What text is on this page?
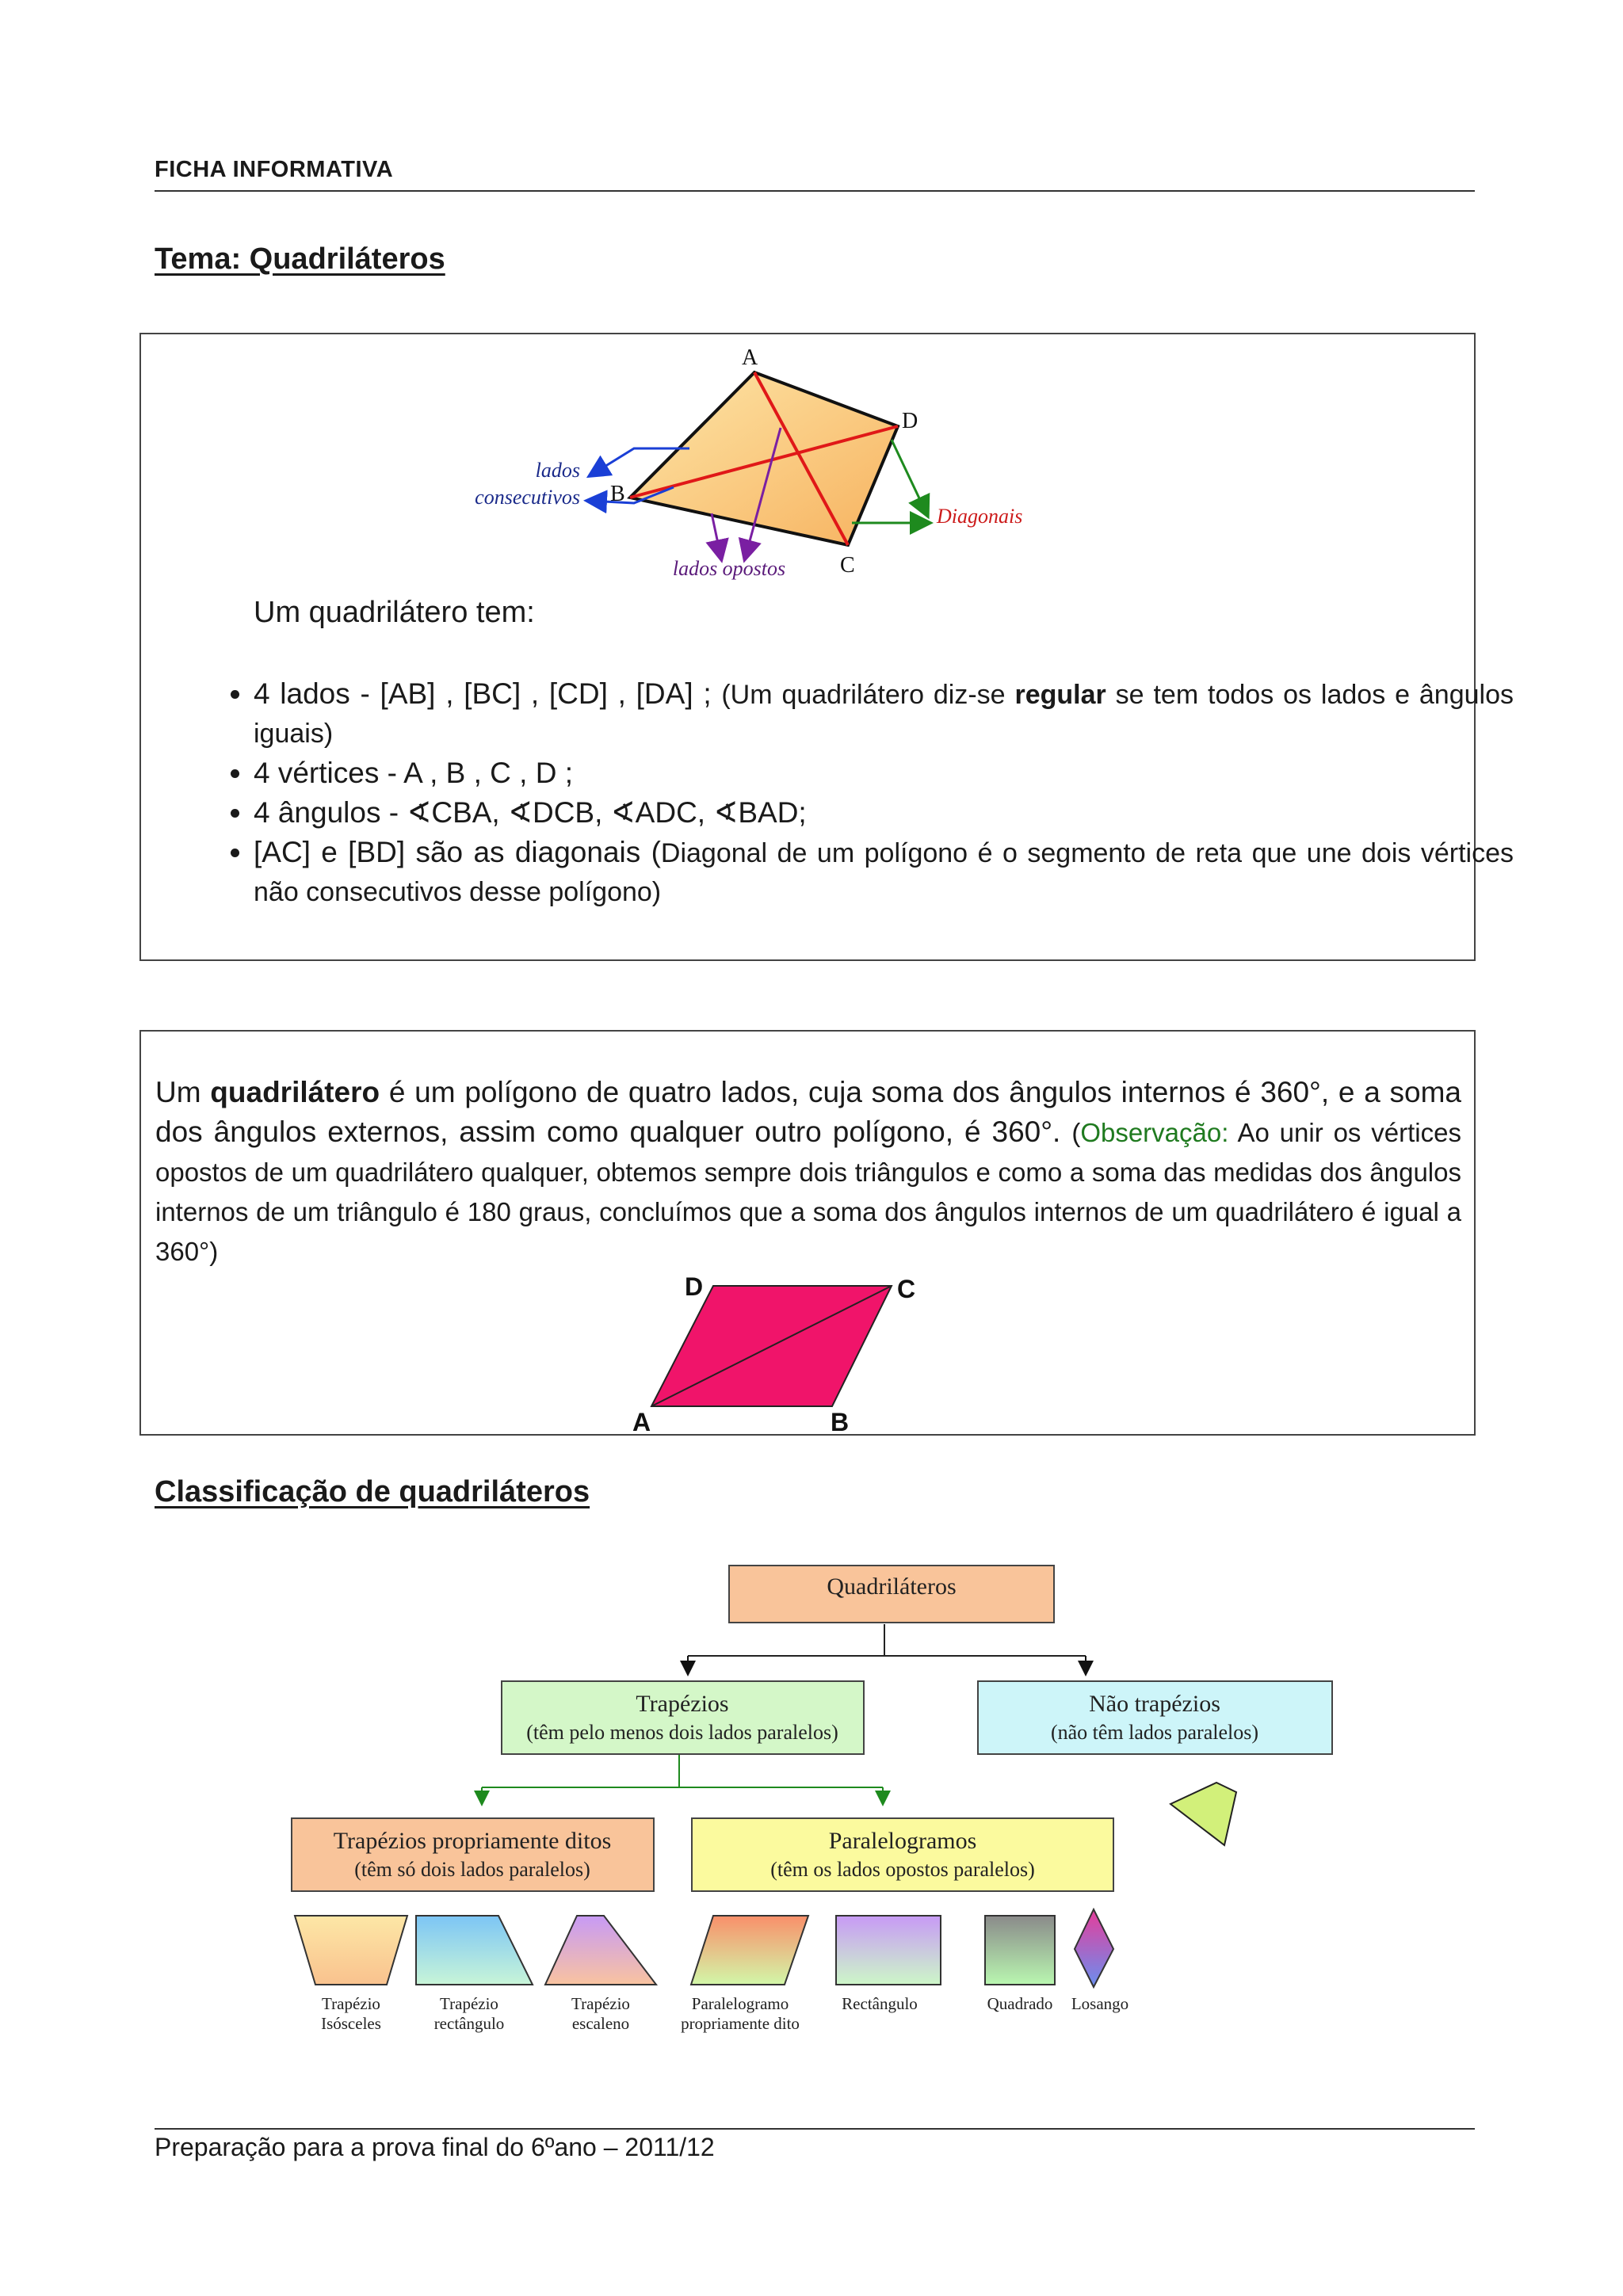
FICHA INFORMATIVA
Tema: Quadriláteros
A
B
C
D
lados
consecutivos
lados opostos
Diagonais
Um quadrilátero tem:
• 4 lados - [AB] , [BC] , [CD] , [DA] ; (Um quadrilátero diz-se regular se tem todos os lados e ângulos iguais)
• 4 vértices - A , B , C , D ;
• 4 ângulos - ∢CBA, ∢DCB, ∢ADC, ∢BAD;
• [AC] e [BD] são as diagonais (Diagonal de um polígono é o segmento de reta que une dois vértices não consecutivos desse polígono)
Um quadrilátero é um polígono de quatro lados, cuja soma dos ângulos internos é 360°, e a soma dos ângulos externos, assim como qualquer outro polígono, é 360°. (Observação: Ao unir os vértices opostos de um quadrilátero qualquer, obtemos sempre dois triângulos e como a soma das medidas dos ângulos internos de um triângulo é 180 graus, concluímos que a soma dos ângulos internos de um quadrilátero é igual a 360°)
D	C
A	B
Classificação de quadriláteros
Quadriláteros
Trapézios
(têm pelo menos dois lados paralelos)
Não trapézios
(não têm lados paralelos)
Trapézios propriamente ditos
(têm só dois lados paralelos)
Paralelogramos
(têm os lados opostos paralelos)
Trapézio
Isósceles
Trapézio
rectângulo
Trapézio
escaleno
Paralelogramo
propriamente dito
Rectângulo	Quadrado Losango
Preparação para a prova final do 6ºano – 2011/12
